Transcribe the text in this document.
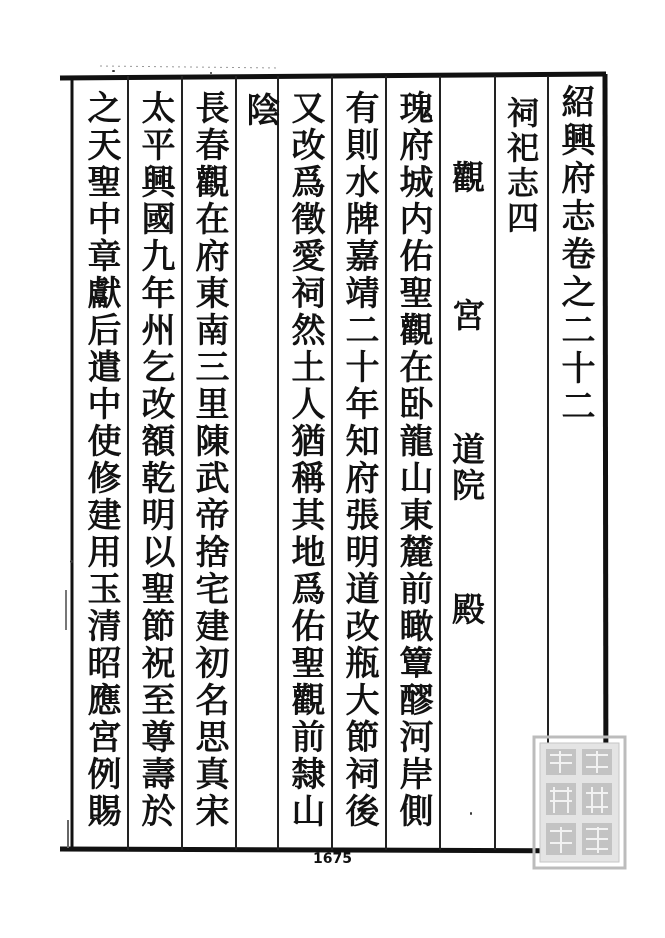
紹興府志卷之二十二
祠祀志四
觀 宮 道院 殿
瑰府城内佑聖觀在卧龍山東麓前瞰簟醪河岸側
有則水牌嘉靖二十年知府張明道改瓶大節祠後
又改爲徵愛祠然土人猶稱其地爲佑聖觀前隸山
陰
長春觀在府東南三里陳武帝捨宅建初名思真宋
太平興國九年州乞改額乾明以聖節祝至尊壽於
之天聖中章獻后遣中使修建用玉清昭應宮例賜
1675
